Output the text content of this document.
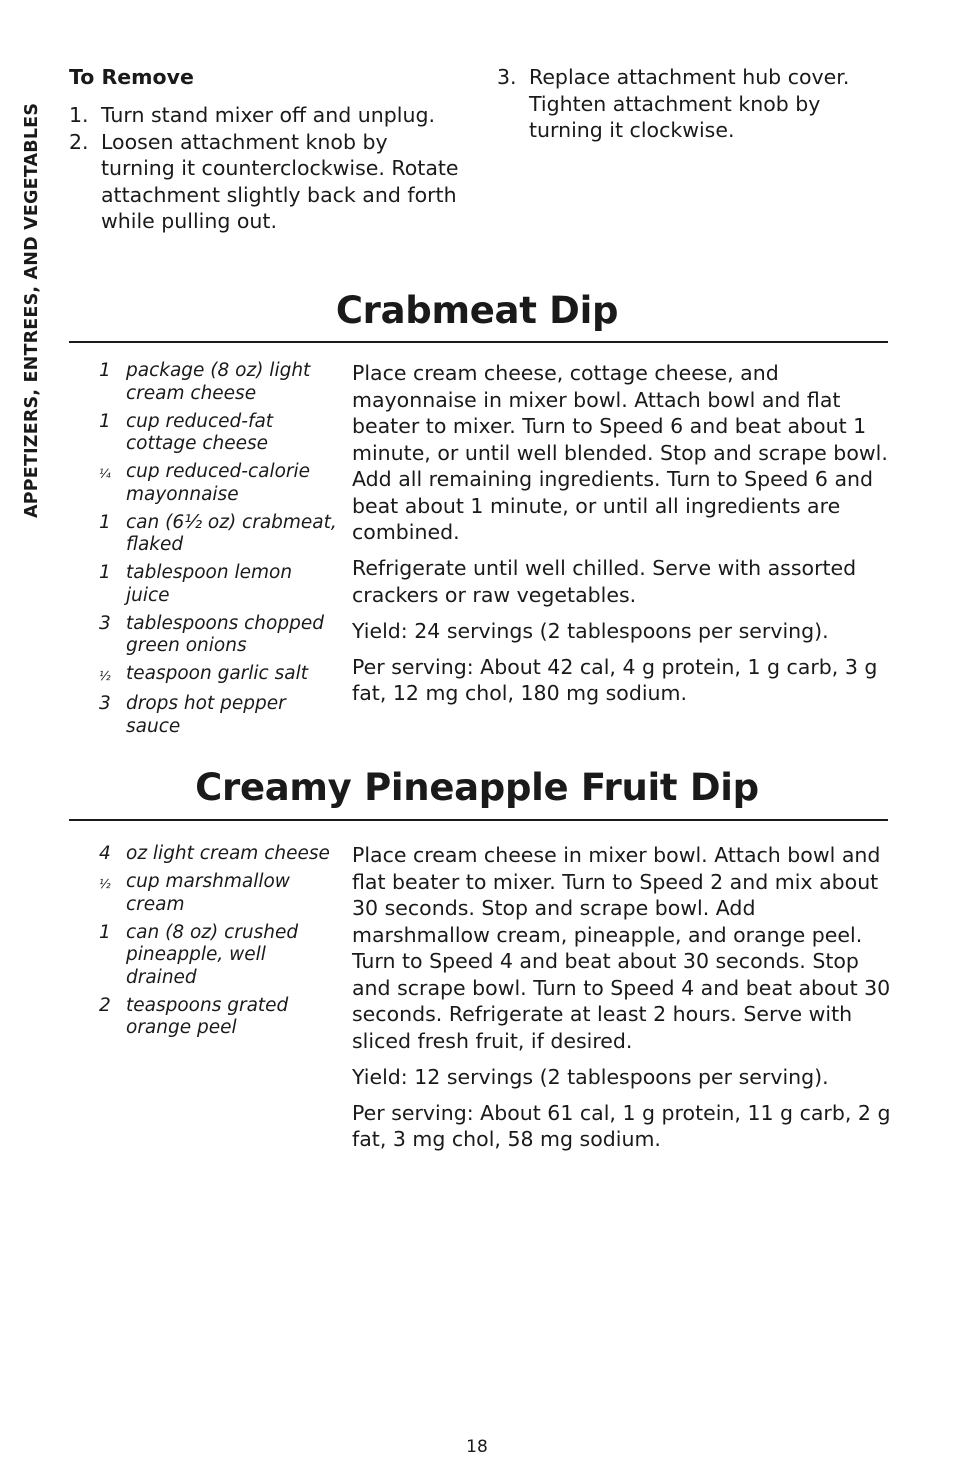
APPETIZERS, ENTREES, AND VEGETABLES
To Remove
1. Turn stand mixer off and unplug.
2. Loosen attachment knob by turning it counterclockwise. Rotate attachment slightly back and forth while pulling out.
3. Replace attachment hub cover. Tighten attachment knob by turning it clockwise.
Crabmeat Dip
1 package (8 oz) light cream cheese
1 cup reduced-fat cottage cheese
¼ cup reduced-calorie mayonnaise
1 can (6½ oz) crabmeat, flaked
1 tablespoon lemon juice
3 tablespoons chopped green onions
½ teaspoon garlic salt
3 drops hot pepper sauce

Place cream cheese, cottage cheese, and mayonnaise in mixer bowl. Attach bowl and flat beater to mixer. Turn to Speed 6 and beat about 1 minute, or until well blended. Stop and scrape bowl. Add all remaining ingredients. Turn to Speed 6 and beat about 1 minute, or until all ingredients are combined.

Refrigerate until well chilled. Serve with assorted crackers or raw vegetables.

Yield: 24 servings (2 tablespoons per serving).

Per serving: About 42 cal, 4 g protein, 1 g carb, 3 g fat, 12 mg chol, 180 mg sodium.

Creamy Pineapple Fruit Dip
4 oz light cream cheese
½ cup marshmallow cream
1 can (8 oz) crushed pineapple, well drained
2 teaspoons grated orange peel

Place cream cheese in mixer bowl. Attach bowl and flat beater to mixer. Turn to Speed 2 and mix about 30 seconds. Stop and scrape bowl. Add marshmallow cream, pineapple, and orange peel. Turn to Speed 4 and beat about 30 seconds. Stop and scrape bowl. Turn to Speed 4 and beat about 30 seconds. Refrigerate at least 2 hours. Serve with sliced fresh fruit, if desired.

Yield: 12 servings (2 tablespoons per serving).

Per serving: About 61 cal, 1 g protein, 11 g carb, 2 g fat, 3 mg chol, 58 mg sodium.

18
